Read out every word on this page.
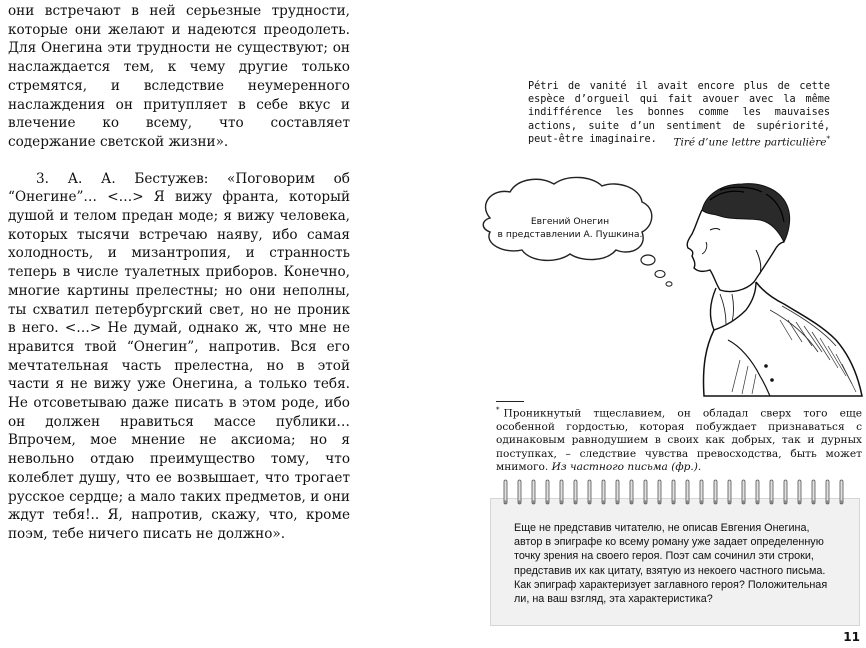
они встречают в ней серьезные трудности, которые они желают и надеются преодолеть. Для Онегина эти трудности не существуют; он наслаждается тем, к чему другие только стремятся, и вследствие неумеренного наслаждения он притупляет в себе вкус и влечение ко всему, что составляет содержание светской жизни».

3. А. А. Бестужев: «Поговорим об “Онегине”… <…> Я вижу франта, который душой и телом предан моде; я вижу человека, которых тысячи встречаю наяву, ибо самая холодность, и мизантропия, и странность теперь в числе туалетных приборов. Конечно, многие картины прелестны; но они неполны, ты схватил петербургский свет, но не проник в него. <…> Не думай, однако ж, что мне не нравится твой “Онегин”, напротив. Вся его мечтательная часть прелестна, но в этой части я не вижу уже Онегина, а только тебя. Не отсоветываю даже писать в этом роде, ибо он должен нравиться массе публики… Впрочем, мое мнение не аксиома; но я невольно отдаю преимущество тому, что колеблет душу, что ее возвышает, что трогает русское сердце; а мало таких предметов, и они ждут тебя!.. Я, напротив, скажу, что, кроме поэм, тебе ничего писать не должно».

Pétri de vanité il avait encore plus de cette espèce d’orgueil qui fait avouer avec la même indifférence les bonnes comme les mauvaises actions, suite d’un sentiment de supériorité, peut-être imaginaire.	Tiré d’une lettre particulière*
Евгений Онегин
в представлении А. Пушкина.
* Проникнутый тщеславием, он обладал сверх того еще особенной гордостью, которая побуждает признаваться с одинаковым равнодушием в своих как добрых, так и дурных поступках, – следствие чувства превосходства, быть может мнимого. Из частного письма (фр.).
Еще не представив читателю, не описав Евгения Онегина, автор в эпиграфе ко всему роману уже задает определенную точку зрения на своего героя. Поэт сам сочинил эти строки, представив их как цитату, взятую из некоего частного письма. Как эпиграф характеризует заглавного героя? Положительная ли, на ваш взгляд, эта характеристика?
11
